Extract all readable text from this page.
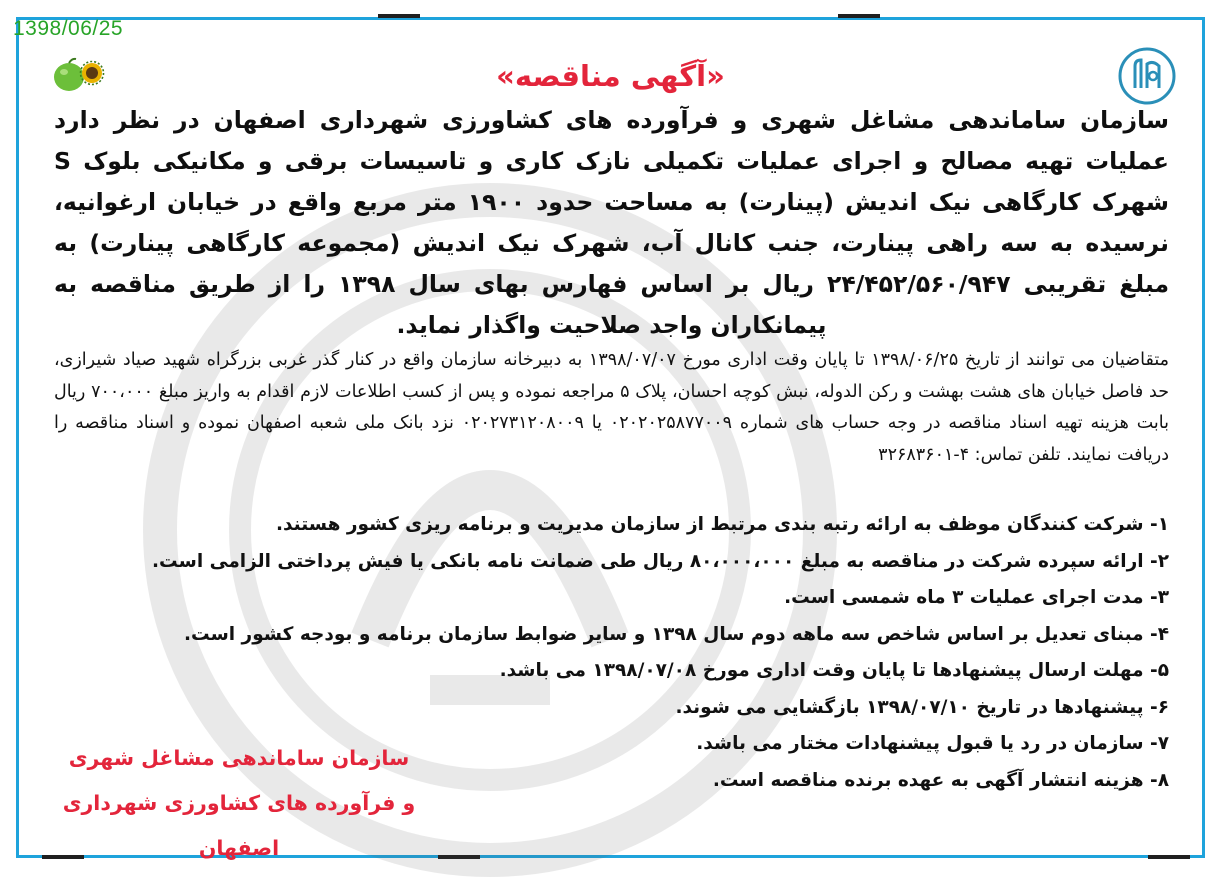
1398/06/25
«آگهی مناقصه»
سازمان ساماندهی مشاغل شهری و فرآورده های کشاورزی شهرداری اصفهان در نظر دارد عملیات تهیه مصالح و اجرای عملیات تکمیلی نازک کاری و تاسیسات برقی و مکانیکی بلوک S شهرک کارگاهی نیک اندیش (پینارت) به مساحت حدود ۱۹۰۰ متر مربع واقع در خیابان ارغوانیه، نرسیده به سه راهی پینارت، جنب کانال آب، شهرک نیک اندیش (مجموعه کارگاهی پینارت) به مبلغ تقریبی ۲۴/۴۵۲/۵۶۰/۹۴۷ ریال بر اساس فهارس بهای سال ۱۳۹۸ را از طریق مناقصه به پیمانکاران واجد صلاحیت واگذار نماید.
متقاضیان می توانند از تاریخ ۱۳۹۸/۰۶/۲۵ تا پایان وقت اداری مورخ ۱۳۹۸/۰۷/۰۷ به دبیرخانه سازمان واقع در کنار گذر غربی بزرگراه شهید صیاد شیرازی، حد فاصل خیابان های هشت بهشت و رکن الدوله، نبش کوچه احسان، پلاک ۵ مراجعه نموده و پس از کسب اطلاعات لازم اقدام به واریز مبلغ ۷۰۰،۰۰۰ ریال بابت هزینه تهیه اسناد مناقصه در وجه حساب های شماره ۰۲۰۲۰۲۵۸۷۷۰۰۹ یا ۰۲۰۲۷۳۱۲۰۸۰۰۹ نزد بانک ملی شعبه اصفهان نموده و اسناد مناقصه را دریافت نمایند. تلفن تماس: ۴-۳۲۶۸۳۶۰۱
۱- شرکت کنندگان موظف به ارائه رتبه بندی مرتبط از سازمان مدیریت و برنامه ریزی کشور هستند.
۲- ارائه سپرده شرکت در مناقصه به مبلغ ۸۰،۰۰۰،۰۰۰ ریال طی ضمانت نامه بانکی یا فیش پرداختی الزامی است.
۳- مدت اجرای عملیات ۳ ماه شمسی است.
۴- مبنای تعدیل بر اساس شاخص سه ماهه دوم سال ۱۳۹۸ و سایر ضوابط سازمان برنامه و بودجه کشور است.
۵- مهلت ارسال پیشنهادها تا پایان وقت اداری مورخ ۱۳۹۸/۰۷/۰۸ می باشد.
۶- پیشنهادها در تاریخ ۱۳۹۸/۰۷/۱۰ بازگشایی می شوند.
۷- سازمان در رد یا قبول پیشنهادات مختار می باشد.
۸- هزینه انتشار آگهی به عهده برنده مناقصه است.
سازمان ساماندهی مشاغل شهری
و فرآورده های کشاورزی شهرداری اصفهان
